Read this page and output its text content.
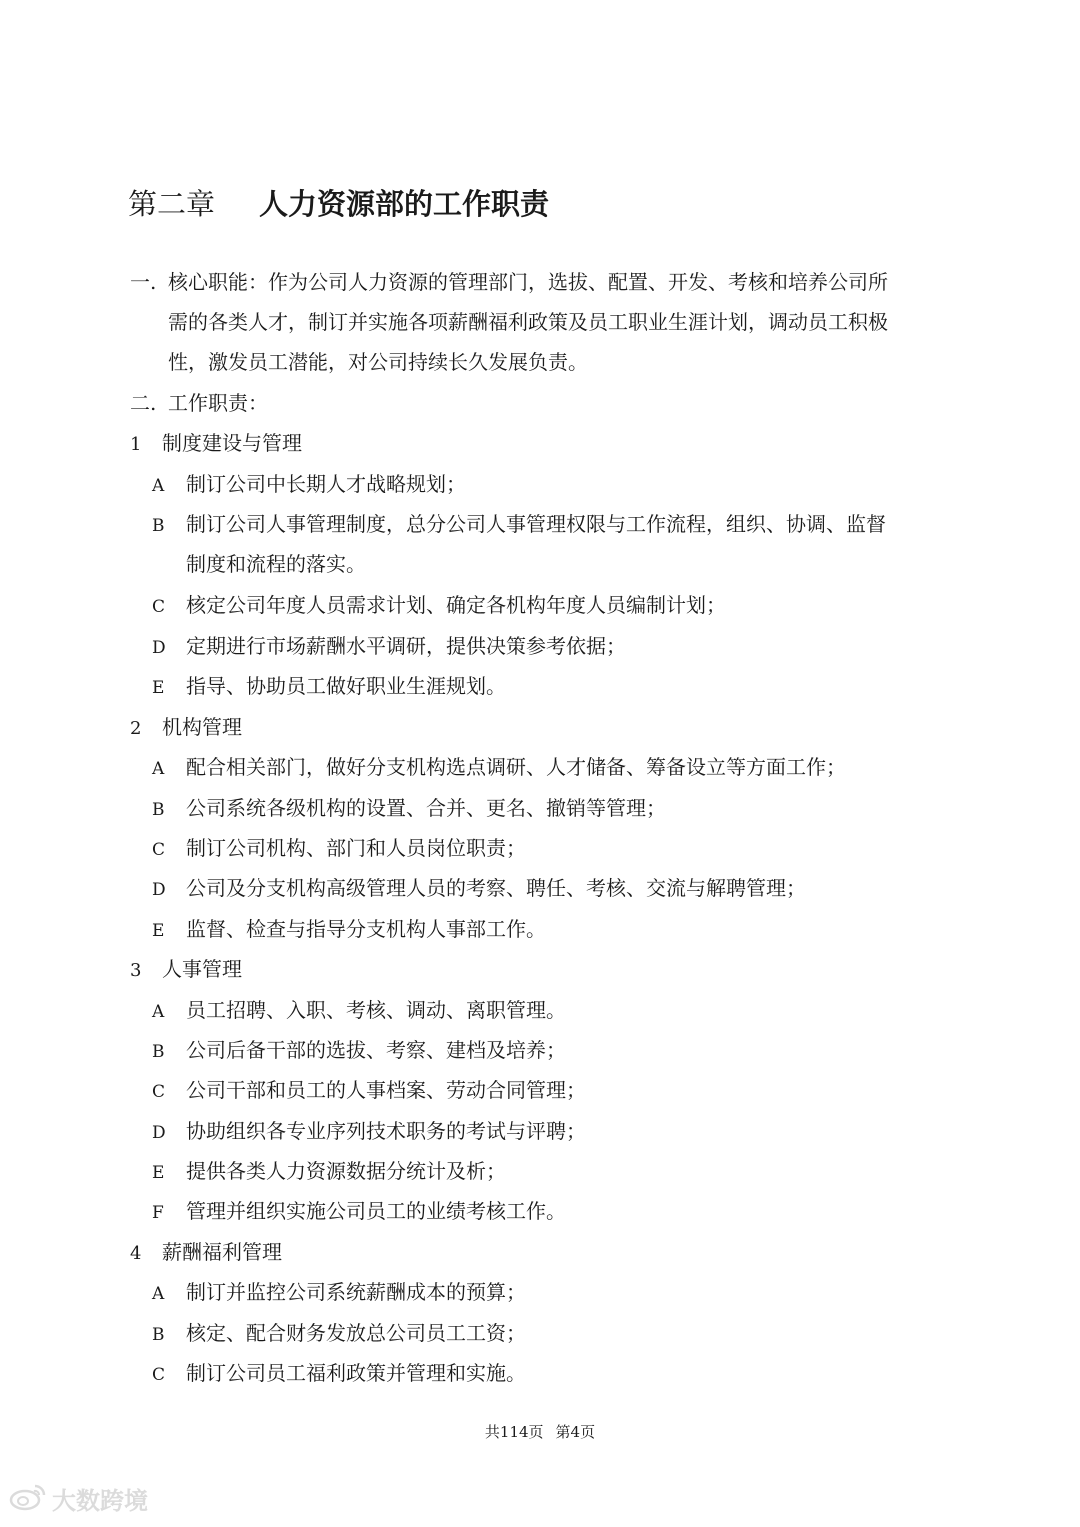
第二章 人力资源部的工作职责
一. 核心职能：作为公司人力资源的管理部门，选拔、配置、开发、考核和培养公司所
需的各类人才，制订并实施各项薪酬福利政策及员工职业生涯计划，调动员工积极
性，激发员工潜能，对公司持续长久发展负责。
二. 工作职责：
1 制度建设与管理
A 制订公司中长期人才战略规划；
B 制订公司人事管理制度，总分公司人事管理权限与工作流程，组织、协调、监督
制度和流程的落实。
C 核定公司年度人员需求计划、确定各机构年度人员编制计划；
D 定期进行市场薪酬水平调研，提供决策参考依据；
E 指导、协助员工做好职业生涯规划。
2 机构管理
A 配合相关部门，做好分支机构选点调研、人才储备、筹备设立等方面工作；
B 公司系统各级机构的设置、合并、更名、撤销等管理；
C 制订公司机构、部门和人员岗位职责；
D 公司及分支机构高级管理人员的考察、聘任、考核、交流与解聘管理；
E 监督、检查与指导分支机构人事部工作。
3 人事管理
A 员工招聘、入职、考核、调动、离职管理。
B 公司后备干部的选拔、考察、建档及培养；
C 公司干部和员工的人事档案、劳动合同管理；
D 协助组织各专业序列技术职务的考试与评聘；
E 提供各类人力资源数据分统计及析；
F 管理并组织实施公司员工的业绩考核工作。
4 薪酬福利管理
A 制订并监控公司系统薪酬成本的预算；
B 核定、配合财务发放总公司员工工资；
C 制订公司员工福利政策并管理和实施。
共114页 第4页
大数跨境
